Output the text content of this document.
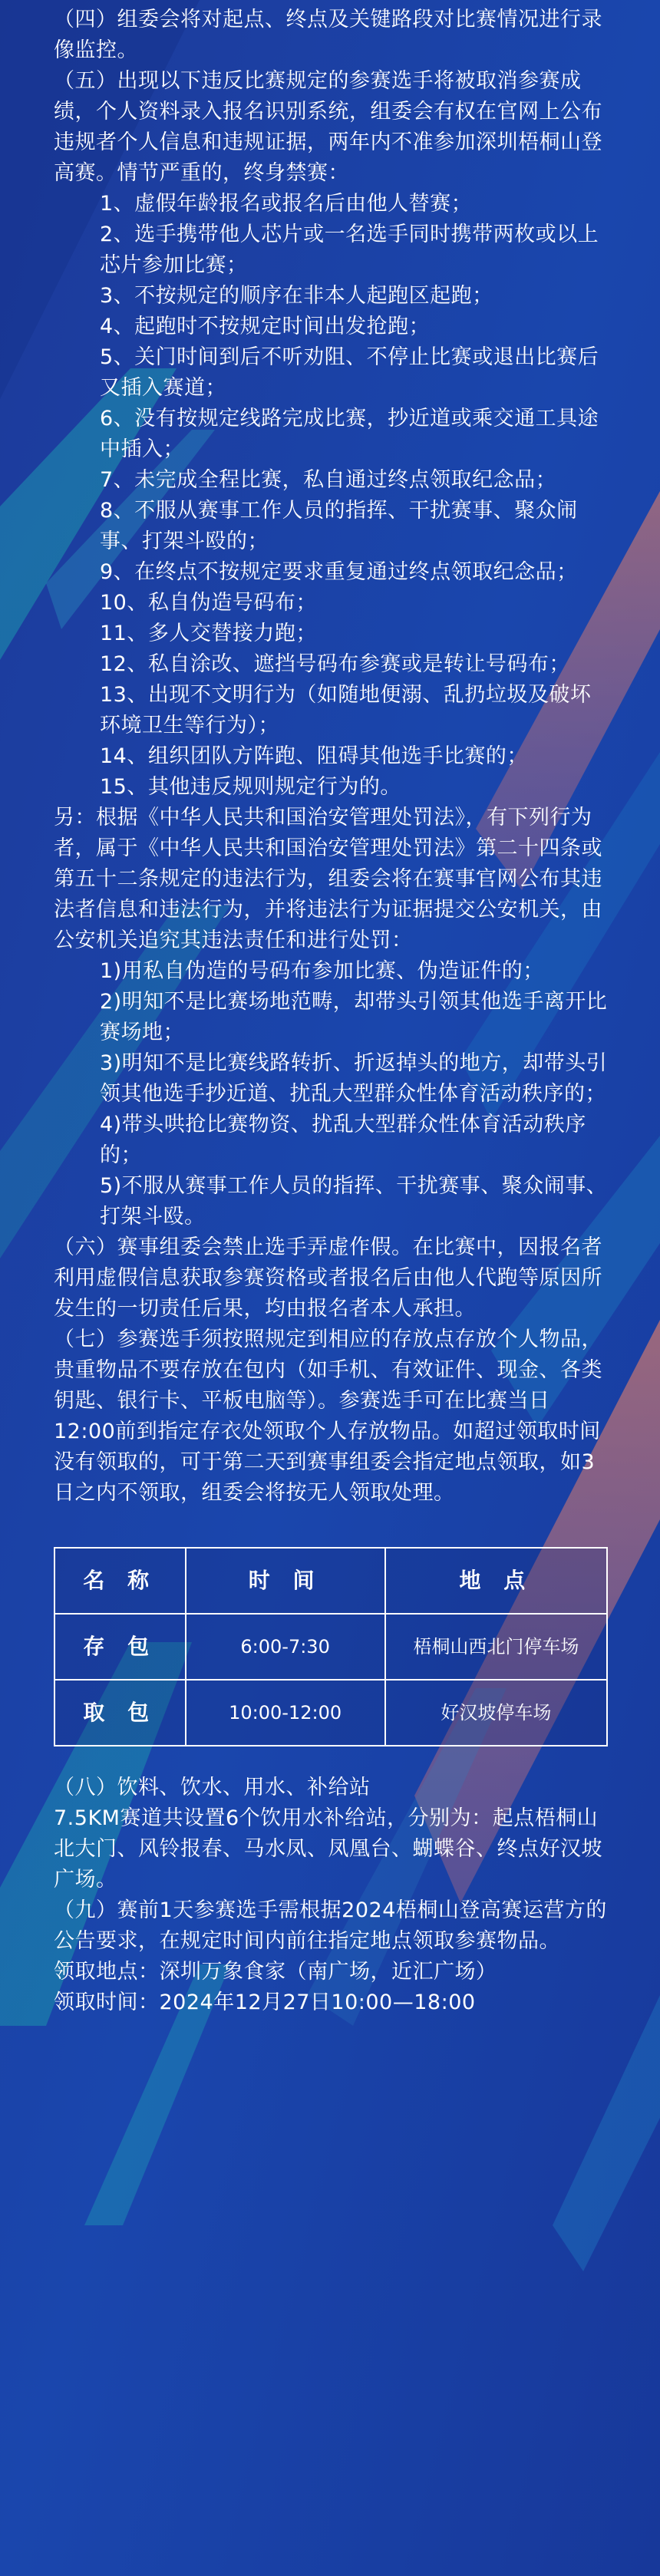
（四）组委会将对起点、终点及关键路段对比赛情况进行录像监控。

（五）出现以下违反比赛规定的参赛选手将被取消参赛成绩，个人资料录入报名识别系统，组委会有权在官网上公布违规者个人信息和违规证据，两年内不准参加深圳梧桐山登高赛。情节严重的，终身禁赛：

1、虚假年龄报名或报名后由他人替赛；

2、选手携带他人芯片或一名选手同时携带两枚或以上芯片参加比赛；

3、不按规定的顺序在非本人起跑区起跑；

4、起跑时不按规定时间出发抢跑；

5、关门时间到后不听劝阻、不停止比赛或退出比赛后又插入赛道；

6、没有按规定线路完成比赛，抄近道或乘交通工具途中插入；

7、未完成全程比赛，私自通过终点领取纪念品；

8、不服从赛事工作人员的指挥、干扰赛事、聚众闹事、打架斗殴的；

9、在终点不按规定要求重复通过终点领取纪念品；

10、私自伪造号码布；

11、多人交替接力跑；

12、私自涂改、遮挡号码布参赛或是转让号码布；

13、出现不文明行为（如随地便溺、乱扔垃圾及破坏环境卫生等行为）；

14、组织团队方阵跑、阻碍其他选手比赛的；

15、其他违反规则规定行为的。

另：根据《中华人民共和国治安管理处罚法》，有下列行为者，属于《中华人民共和国治安管理处罚法》第二十四条或第五十二条规定的违法行为，组委会将在赛事官网公布其违法者信息和违法行为，并将违法行为证据提交公安机关，由公安机关追究其违法责任和进行处罚：

1)用私自伪造的号码布参加比赛、伪造证件的；

2)明知不是比赛场地范畴，却带头引领其他选手离开比赛场地；

3)明知不是比赛线路转折、折返掉头的地方，却带头引领其他选手抄近道、扰乱大型群众性体育活动秩序的；

4)带头哄抢比赛物资、扰乱大型群众性体育活动秩序的；

5)不服从赛事工作人员的指挥、干扰赛事、聚众闹事、打架斗殴。

（六）赛事组委会禁止选手弄虚作假。在比赛中，因报名者利用虚假信息获取参赛资格或者报名后由他人代跑等原因所发生的一切责任后果，均由报名者本人承担。

（七）参赛选手须按照规定到相应的存放点存放个人物品，贵重物品不要存放在包内（如手机、有效证件、现金、各类钥匙、银行卡、平板电脑等）。参赛选手可在比赛当日12:00前到指定存衣处领取个人存放物品。如超过领取时间没有领取的，可于第二天到赛事组委会指定地点领取，如3日之内不领取，组委会将按无人领取处理。

名 称	时 间	地 点
存 包	6:00-7:30	梧桐山西北门停车场
取 包	10:00-12:00	好汉坡停车场

（八）饮料、饮水、用水、补给站

7.5KM赛道共设置6个饮用水补给站，分别为：起点梧桐山北大门、风铃报春、马水凤、凤凰台、蝴蝶谷、终点好汉坡广场。

（九）赛前1天参赛选手需根据2024梧桐山登高赛运营方的公告要求，在规定时间内前往指定地点领取参赛物品。

领取地点：深圳万象食家（南广场，近汇广场）

领取时间：2024年12月27日10:00—18:00
